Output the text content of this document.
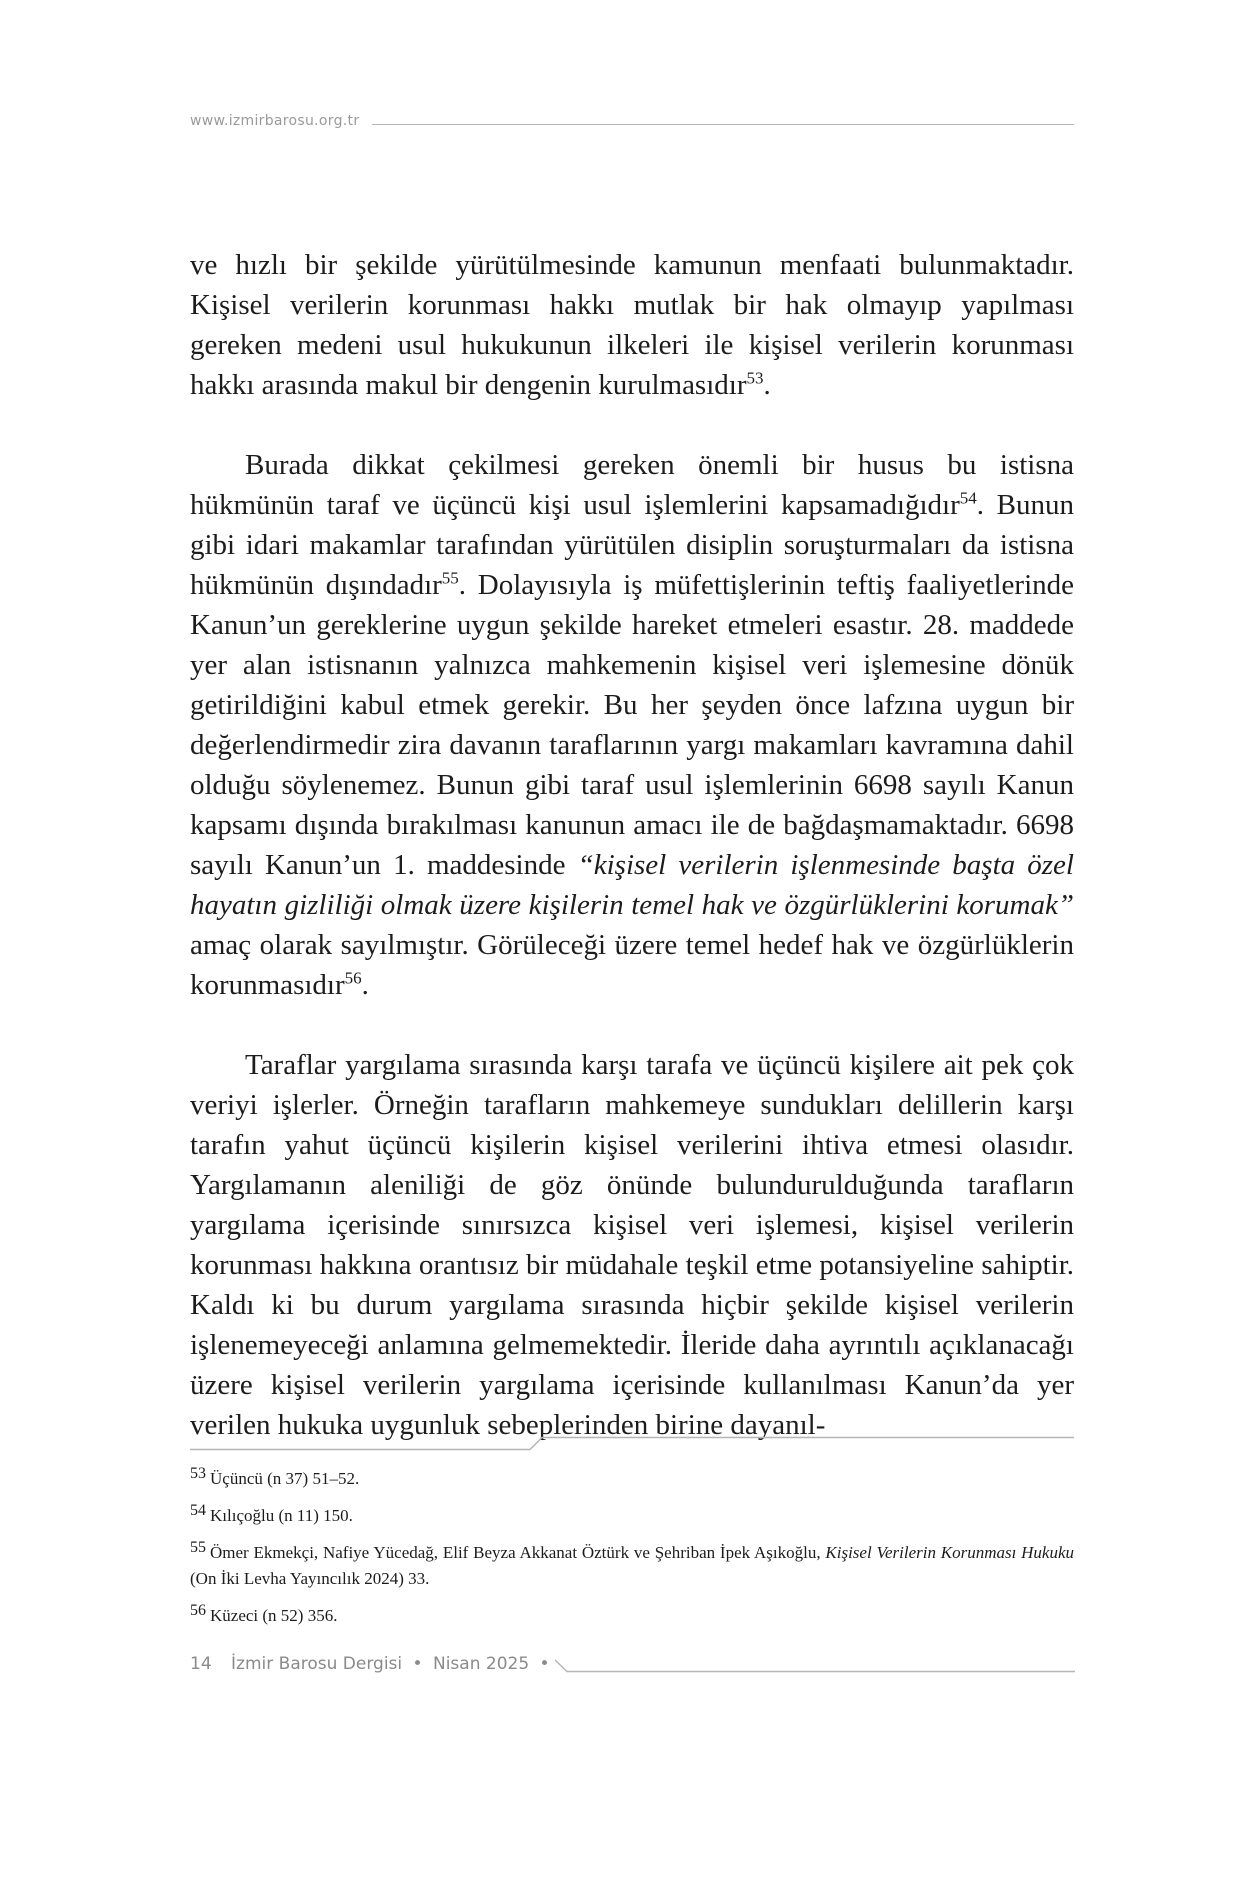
www.izmirbarosu.org.tr

ve hızlı bir şekilde yürütülmesinde kamunun menfaati bulunmaktadır. Kişisel verilerin korunması hakkı mutlak bir hak olmayıp yapılması gereken medeni usul hukukunun ilkeleri ile kişisel verilerin korunması hakkı arasında makul bir dengenin kurulmasıdır$^{53}$.

Burada dikkat çekilmesi gereken önemli bir husus bu istisna hükmünün taraf ve üçüncü kişi usul işlemlerini kapsamadığıdır$^{54}$. Bunun gibi idari makamlar tarafından yürütülen disiplin soruşturmaları da istisna hükmünün dışındadır$^{55}$. Dolayısıyla iş müfettişlerinin teftiş faaliyetlerinde Kanun’un gereklerine uygun şekilde hareket etmeleri esastır. 28. maddede yer alan istisnanın yalnızca mahkemenin kişisel veri işlemesine dönük getirildiğini kabul etmek gerekir. Bu her şeyden önce lafzına uygun bir değerlendirmedir zira davanın taraflarının yargı makamları kavramına dahil olduğu söylenemez. Bunun gibi taraf usul işlemlerinin 6698 sayılı Kanun kapsamı dışında bırakılması kanunun amacı ile de bağdaşmamaktadır. 6698 sayılı Kanun’un 1. maddesinde “kişisel verilerin işlenmesinde başta özel hayatın gizliliği olmak üzere kişilerin temel hak ve özgürlüklerini korumak” amaç olarak sayılmıştır. Görüleceği üzere temel hedef hak ve özgürlüklerin korunmasıdır$^{56}$.

Taraflar yargılama sırasında karşı tarafa ve üçüncü kişilere ait pek çok veriyi işlerler. Örneğin tarafların mahkemeye sundukları delillerin karşı tarafın yahut üçüncü kişilerin kişisel verilerini ihtiva etmesi olasıdır. Yargılamanın aleniliği de göz önünde bulundurulduğunda tarafların yargılama içerisinde sınırsızca kişisel veri işlemesi, kişisel verilerin korunması hakkına orantısız bir müdahale teşkil etme potansiyeline sahiptir. Kaldı ki bu durum yargılama sırasında hiçbir şekilde kişisel verilerin işlenemeyeceği anlamına gelmemektedir. İleride daha ayrıntılı açıklanacağı üzere kişisel verilerin yargılama içerisinde kullanılması Kanun’da yer verilen hukuka uygunluk sebeplerinden birine dayanıl-

$^{53}$ Üçüncü (n 37) 51–52.
$^{54}$ Kılıçoğlu (n 11) 150.
$^{55}$ Ömer Ekmekçi, Nafiye Yücedağ, Elif Beyza Akkanat Öztürk ve Şehriban İpek Aşıkoğlu, Kişisel Verilerin Korunması Hukuku (On İki Levha Yayıncılık 2024) 33.
$^{56}$ Küzeci (n 52) 356.
14 İzmir Barosu Dergisi • Nisan 2025 •
